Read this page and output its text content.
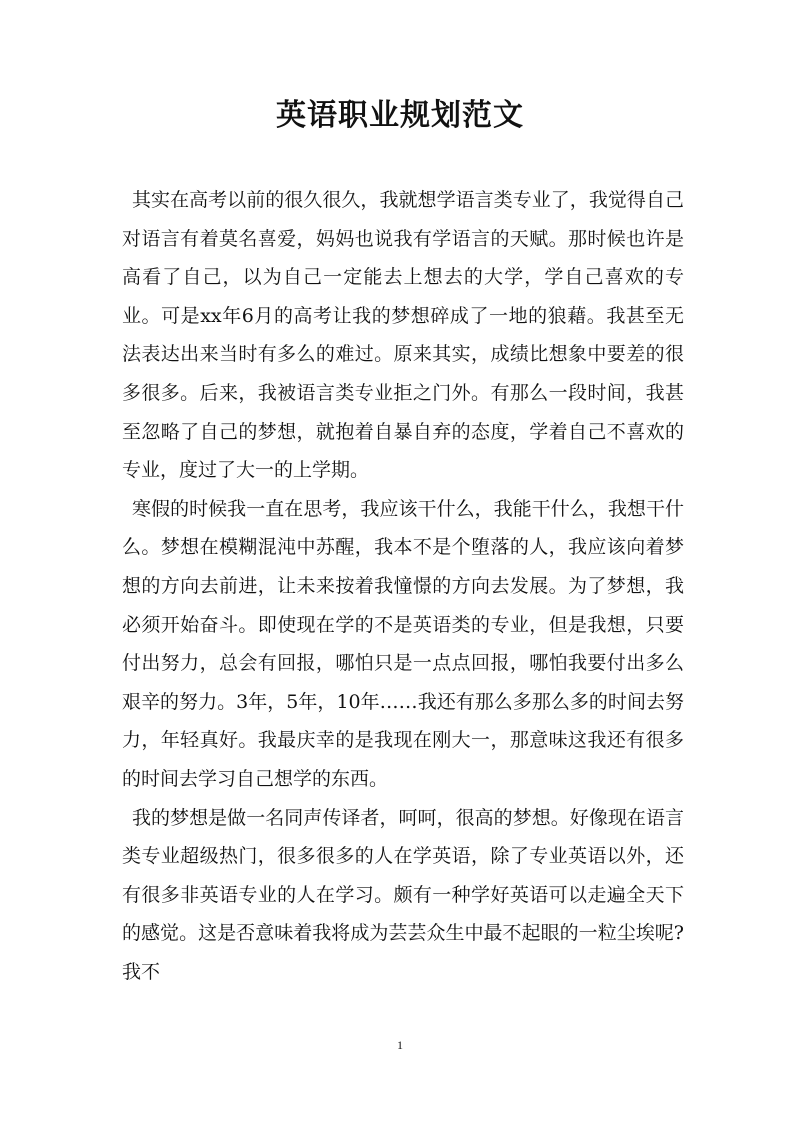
英语职业规划范文

其实在高考以前的很久很久，我就想学语言类专业了，我觉得自己对语言有着莫名喜爱，妈妈也说我有学语言的天赋。那时候也许是高看了自己，以为自己一定能去上想去的大学，学自己喜欢的专业。可是xx年6月的高考让我的梦想碎成了一地的狼藉。我甚至无法表达出来当时有多么的难过。原来其实，成绩比想象中要差的很多很多。后来，我被语言类专业拒之门外。有那么一段时间，我甚至忽略了自己的梦想，就抱着自暴自弃的态度，学着自己不喜欢的专业，度过了大一的上学期。

寒假的时候我一直在思考，我应该干什么，我能干什么，我想干什么。梦想在模糊混沌中苏醒，我本不是个堕落的人，我应该向着梦想的方向去前进，让未来按着我憧憬的方向去发展。为了梦想，我必须开始奋斗。即使现在学的不是英语类的专业，但是我想，只要付出努力，总会有回报，哪怕只是一点点回报，哪怕我要付出多么艰辛的努力。3年，5年，10年……我还有那么多那么多的时间去努力，年轻真好。我最庆幸的是我现在刚大一，那意味这我还有很多的时间去学习自己想学的东西。

我的梦想是做一名同声传译者，呵呵，很高的梦想。好像现在语言类专业超级热门，很多很多的人在学英语，除了专业英语以外，还有很多非英语专业的人在学习。颇有一种学好英语可以走遍全天下的感觉。这是否意味着我将成为芸芸众生中最不起眼的一粒尘埃呢?我不

1
